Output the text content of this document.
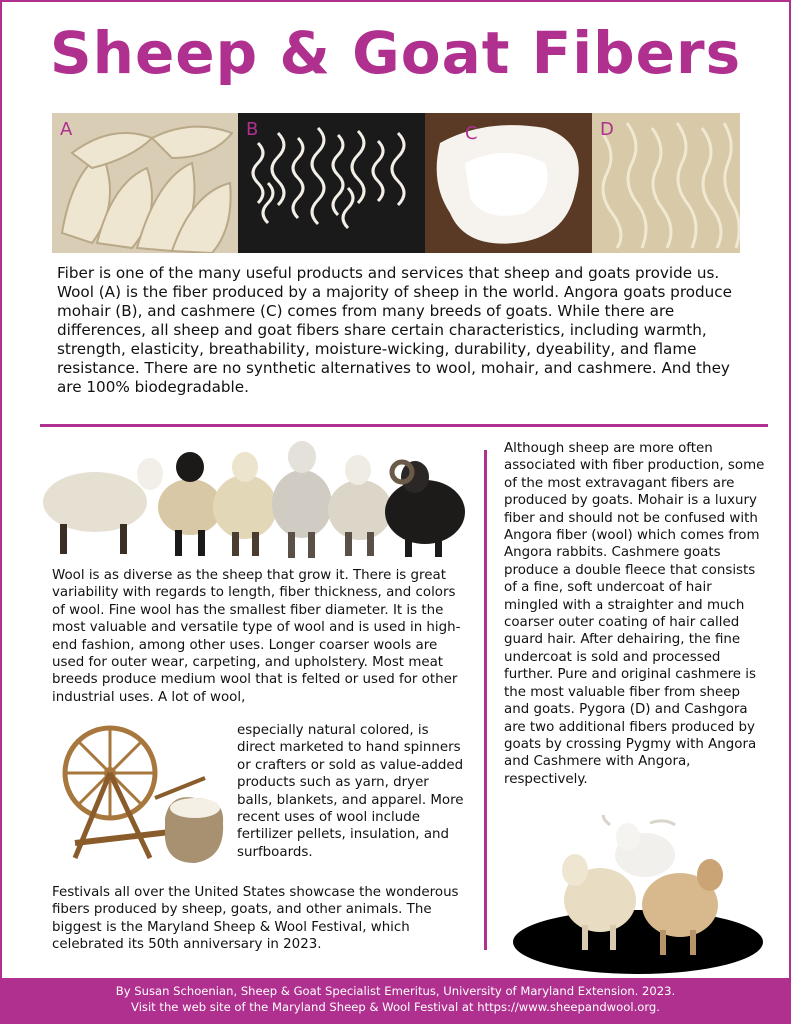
Sheep & Goat Fibers
A	B	C	D

Fiber is one of the many useful products and services that sheep and goats provide us. Wool (A) is the fiber produced by a majority of sheep in the world. Angora goats produce mohair (B), and cashmere (C) comes from many breeds of goats. While there are differences, all sheep and goat fibers share certain characteristics, including warmth, strength, elasticity, breathability, moisture-wicking, durability, dyeability, and flame resistance. There are no synthetic alternatives to wool, mohair, and cashmere. And they are 100% biodegradable.

Wool is as diverse as the sheep that grow it. There is great variability with regards to length, fiber thickness, and colors of wool. Fine wool has the smallest fiber diameter. It is the most valuable and versatile type of wool and is used in high-end fashion, among other uses. Longer coarser wools are used for outer wear, carpeting, and upholstery. Most meat breeds produce medium wool that is felted or used for other industrial uses. A lot of wool,

especially natural colored, is direct marketed to hand spinners or crafters or sold as value-added products such as yarn, dryer balls, blankets, and apparel. More recent uses of wool include fertilizer pellets, insulation, and surfboards.

Festivals all over the United States showcase the wonderous fibers produced by sheep, goats, and other animals. The biggest is the Maryland Sheep & Wool Festival, which celebrated its 50th anniversary in 2023.

Although sheep are more often associated with fiber production, some of the most extravagant fibers are produced by goats. Mohair is a luxury fiber and should not be confused with Angora fiber (wool) which comes from Angora rabbits. Cashmere goats produce a double fleece that consists of a fine, soft undercoat of hair mingled with a straighter and much coarser outer coating of hair called guard hair. After dehairing, the fine undercoat is sold and processed further. Pure and original cashmere is the most valuable fiber from sheep and goats. Pygora (D) and Cashgora are two additional fibers produced by goats by crossing Pygmy with Angora and Cashmere with Angora, respectively.

By Susan Schoenian, Sheep & Goat Specialist Emeritus, University of Maryland Extension. 2023.
Visit the web site of the Maryland Sheep & Wool Festival at https://www.sheepandwool.org.
